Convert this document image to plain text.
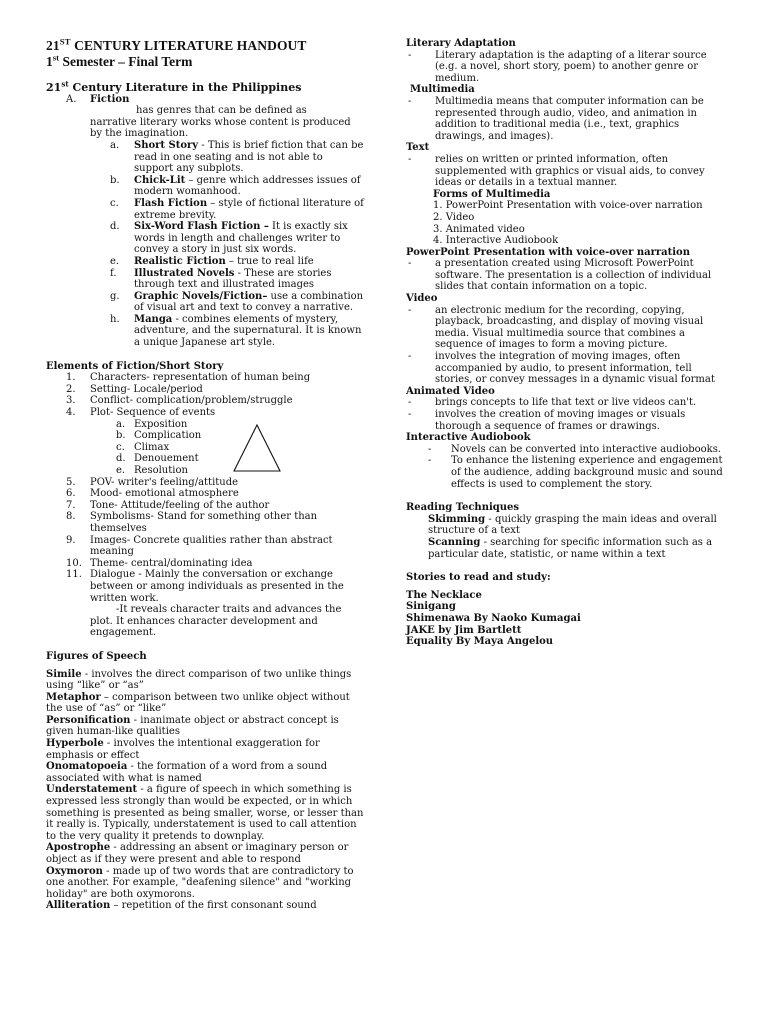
21ST CENTURY LITERATURE HANDOUT
1st Semester – Final Term
21st Century Literature in the Philippines
A.	Fiction
has genres that can be defined as
narrative literary works whose content is produced by the imagination.
a.	Short Story - This is brief fiction that can be read in one seating and is not able to support any subplots.
b.	Chick-Lit – genre which addresses issues of modern womanhood.
c.	Flash Fiction – style of fictional literature of extreme brevity.
d.	Six-Word Flash Fiction – It is exactly six words in length and challenges writer to convey a story in just six words.
e.	Realistic Fiction – true to real life
f.	Illustrated Novels - These are stories through text and illustrated images
g.	Graphic Novels/Fiction– use a combination of visual art and text to convey a narrative.
h.	Manga - combines elements of mystery, adventure, and the supernatural. It is known a unique Japanese art style.
Elements of Fiction/Short Story
1.	Characters- representation of human being
2.	Setting- Locale/period
3.	Conflict- complication/problem/struggle
4.	Plot- Sequence of events
a. Exposition
b. Complication
c. Climax
d. Denouement
e. Resolution
5.	POV- writer's feeling/attitude
6.	Mood- emotional atmosphere
7.	Tone- Attitude/feeling of the author
8.	Symbolisms- Stand for something other than themselves
9.	Images- Concrete qualities rather than abstract meaning
10. Theme- central/dominating idea
11. Dialogue - Mainly the conversation or exchange between or among individuals as presented in the written work.
-It reveals character traits and advances the
plot. It enhances character development and engagement.
Figures of Speech
Simile - involves the direct comparison of two unlike things using “like” or “as”
Metaphor – comparison between two unlike object without the use of “as” or “like”
Personification - inanimate object or abstract concept is given human-like qualities
Hyperbole - involves the intentional exaggeration for emphasis or effect
Onomatopoeia - the formation of a word from a sound associated with what is named
Understatement - a figure of speech in which something is expressed less strongly than would be expected, or in which something is presented as being smaller, worse, or lesser than it really is. Typically, understatement is used to call attention to the very quality it pretends to downplay.
Apostrophe - addressing an absent or imaginary person or object as if they were present and able to respond
Oxymoron - made up of two words that are contradictory to one another. For example, "deafening silence" and "working holiday" are both oxymorons.
Alliteration – repetition of the first consonant sound
Literary Adaptation
-	Literary adaptation is the adapting of a literar source (e.g. a novel, short story, poem) to another genre or medium.
Multimedia
-	Multimedia means that computer information can be represented through audio, video, and animation in addition to traditional media (i.e., text, graphics drawings, and images).
Text
-	relies on written or printed information, often supplemented with graphics or visual aids, to convey ideas or details in a textual manner.
Forms of Multimedia
1. PowerPoint Presentation with voice-over narration
2. Video
3. Animated video
4. Interactive Audiobook
PowerPoint Presentation with voice-over narration
-	a presentation created using Microsoft PowerPoint software. The presentation is a collection of individual slides that contain information on a topic.
Video
-	an electronic medium for the recording, copying, playback, broadcasting, and display of moving visual media. Visual multimedia source that combines a sequence of images to form a moving picture.
-	involves the integration of moving images, often accompanied by audio, to present information, tell stories, or convey messages in a dynamic visual format
Animated Video
-	brings concepts to life that text or live videos can't.
-	involves the creation of moving images or visuals thorough a sequence of frames or drawings.
Interactive Audiobook
-	Novels can be converted into interactive audiobooks.
-	To enhance the listening experience and engagement of the audience, adding background music and sound effects is used to complement the story.
Reading Techniques
Skimming - quickly grasping the main ideas and overall structure of a text
Scanning - searching for specific information such as a particular date, statistic, or name within a text
Stories to read and study:
The Necklace
Sinigang
Shimenawa By Naoko Kumagai
JAKE by Jim Bartlett
Equality By Maya Angelou
